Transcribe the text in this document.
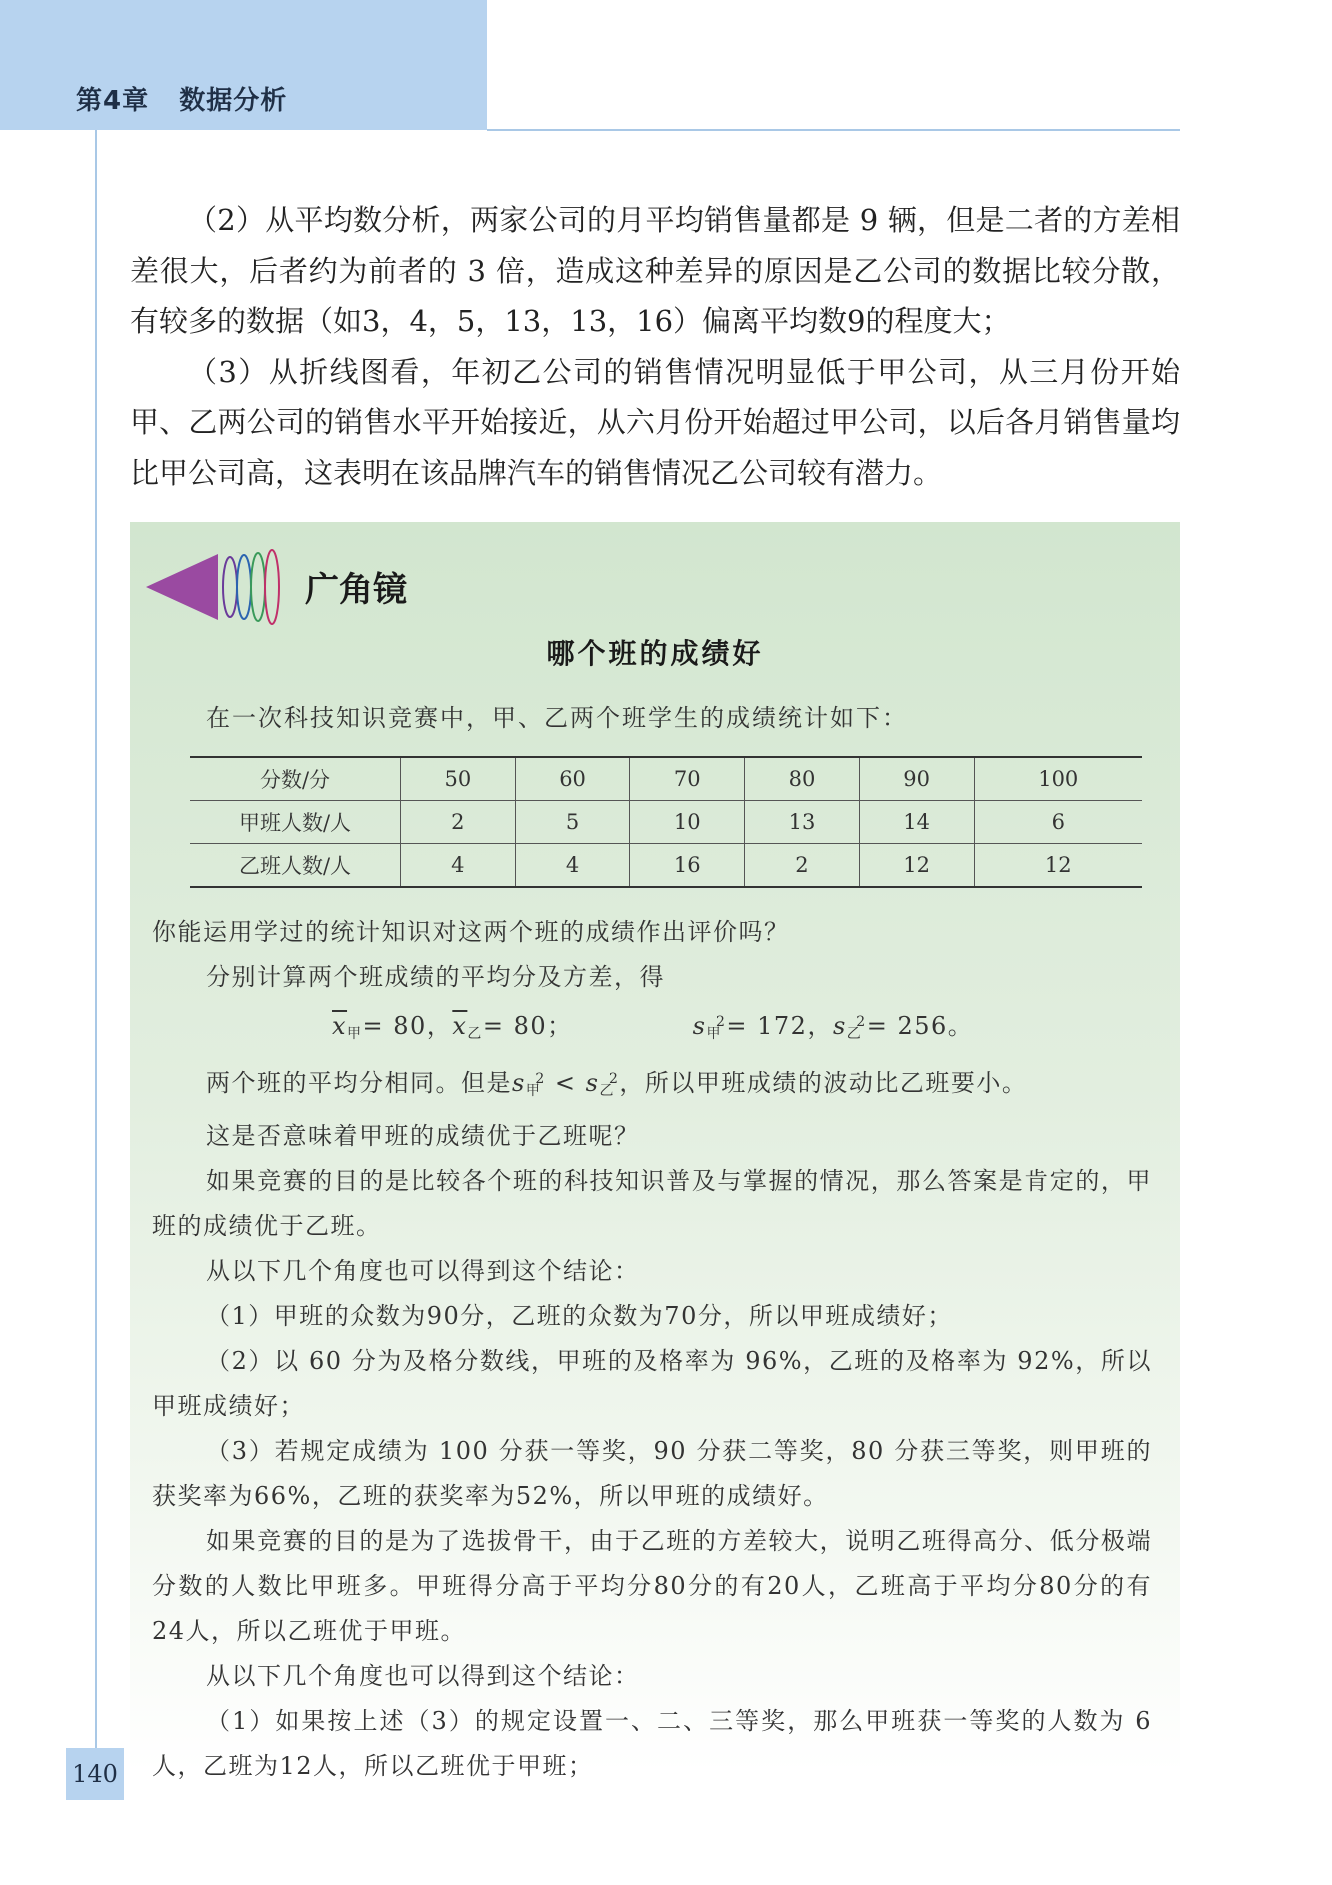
第4章 数据分析

（2）从平均数分析，两家公司的月平均销售量都是 9 辆，但是二者的方差相差很大，后者约为前者的 3 倍，造成这种差异的原因是乙公司的数据比较分散，有较多的数据（如3，4，5，13，13，16）偏离平均数9的程度大；

（3）从折线图看，年初乙公司的销售情况明显低于甲公司，从三月份开始甲、乙两公司的销售水平开始接近，从六月份开始超过甲公司，以后各月销售量均比甲公司高，这表明在该品牌汽车的销售情况乙公司较有潜力。

广角镜
哪个班的成绩好
在一次科技知识竞赛中，甲、乙两个班学生的成绩统计如下：
分数/分	50	60	70	80	90	100
甲班人数/人	2	5	10	13	14	6
乙班人数/人	4	4	16	2	12	12

你能运用学过的统计知识对这两个班的成绩作出评价吗？

分别计算两个班成绩的平均分及方差，得

$\overline{x}_甲= 80$，$\overline{x}_乙= 80$；	$s_甲^2= 172$，$s_乙^2= 256$。

两个班的平均分相同。但是$s_甲^2 < s_乙^2$，所以甲班成绩的波动比乙班要小。

这是否意味着甲班的成绩优于乙班呢？

如果竞赛的目的是比较各个班的科技知识普及与掌握的情况，那么答案是肯定的，甲班的成绩优于乙班。

从以下几个角度也可以得到这个结论：

（1）甲班的众数为90分，乙班的众数为70分，所以甲班成绩好；

（2）以 60 分为及格分数线，甲班的及格率为 96%，乙班的及格率为 92%，所以甲班成绩好；

（3）若规定成绩为 100 分获一等奖，90 分获二等奖，80 分获三等奖，则甲班的获奖率为66%，乙班的获奖率为52%，所以甲班的成绩好。

如果竞赛的目的是为了选拔骨干，由于乙班的方差较大，说明乙班得高分、低分极端分数的人数比甲班多。甲班得分高于平均分80分的有20人，乙班高于平均分80分的有24人，所以乙班优于甲班。

从以下几个角度也可以得到这个结论：

（1）如果按上述（3）的规定设置一、二、三等奖，那么甲班获一等奖的人数为 6 人，乙班为12人，所以乙班优于甲班；

140
